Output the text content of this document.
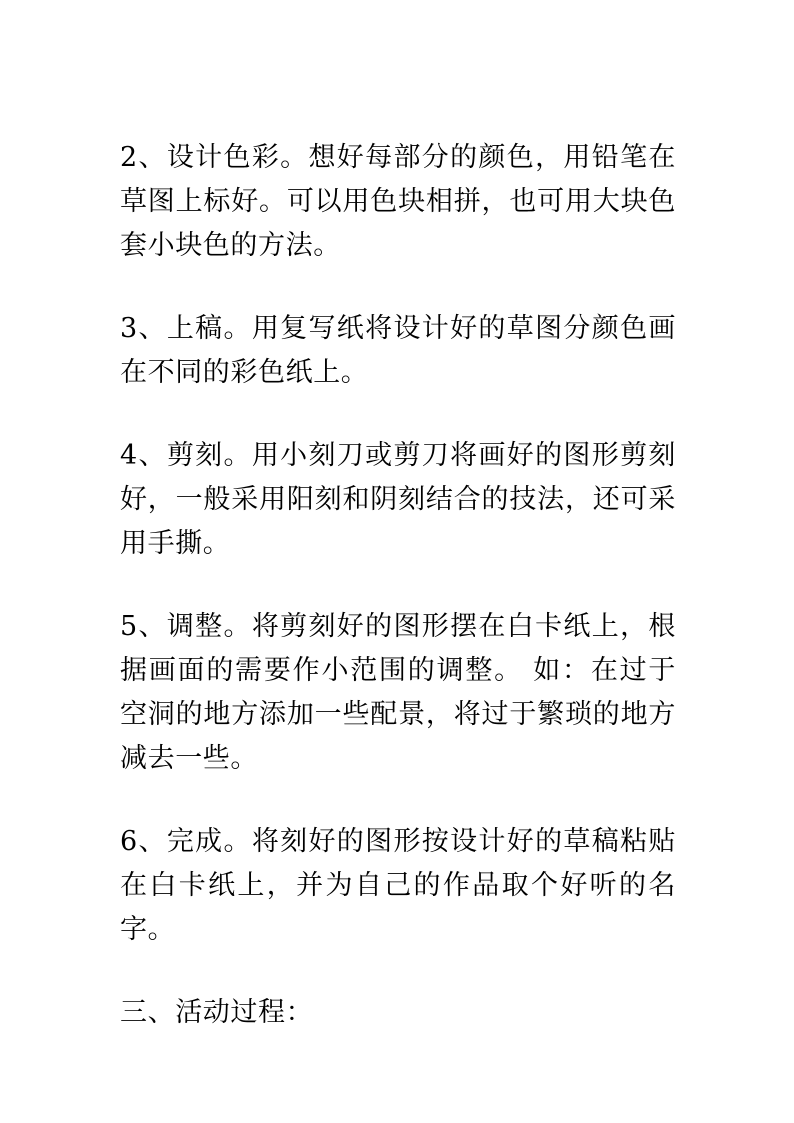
2、设计色彩。想好每部分的颜色，用铅笔在草图上标好。可以用色块相拼，也可用大块色套小块色的方法。

3、上稿。用复写纸将设计好的草图分颜色画在不同的彩色纸上。

4、剪刻。用小刻刀或剪刀将画好的图形剪刻好，一般采用阳刻和阴刻结合的技法，还可采用手撕。

5、调整。将剪刻好的图形摆在白卡纸上，根据画面的需要作小范围的调整。 如：在过于空洞的地方添加一些配景，将过于繁琐的地方减去一些。

6、完成。将刻好的图形按设计好的草稿粘贴在白卡纸上，并为自己的作品取个好听的名字。

三、活动过程：
